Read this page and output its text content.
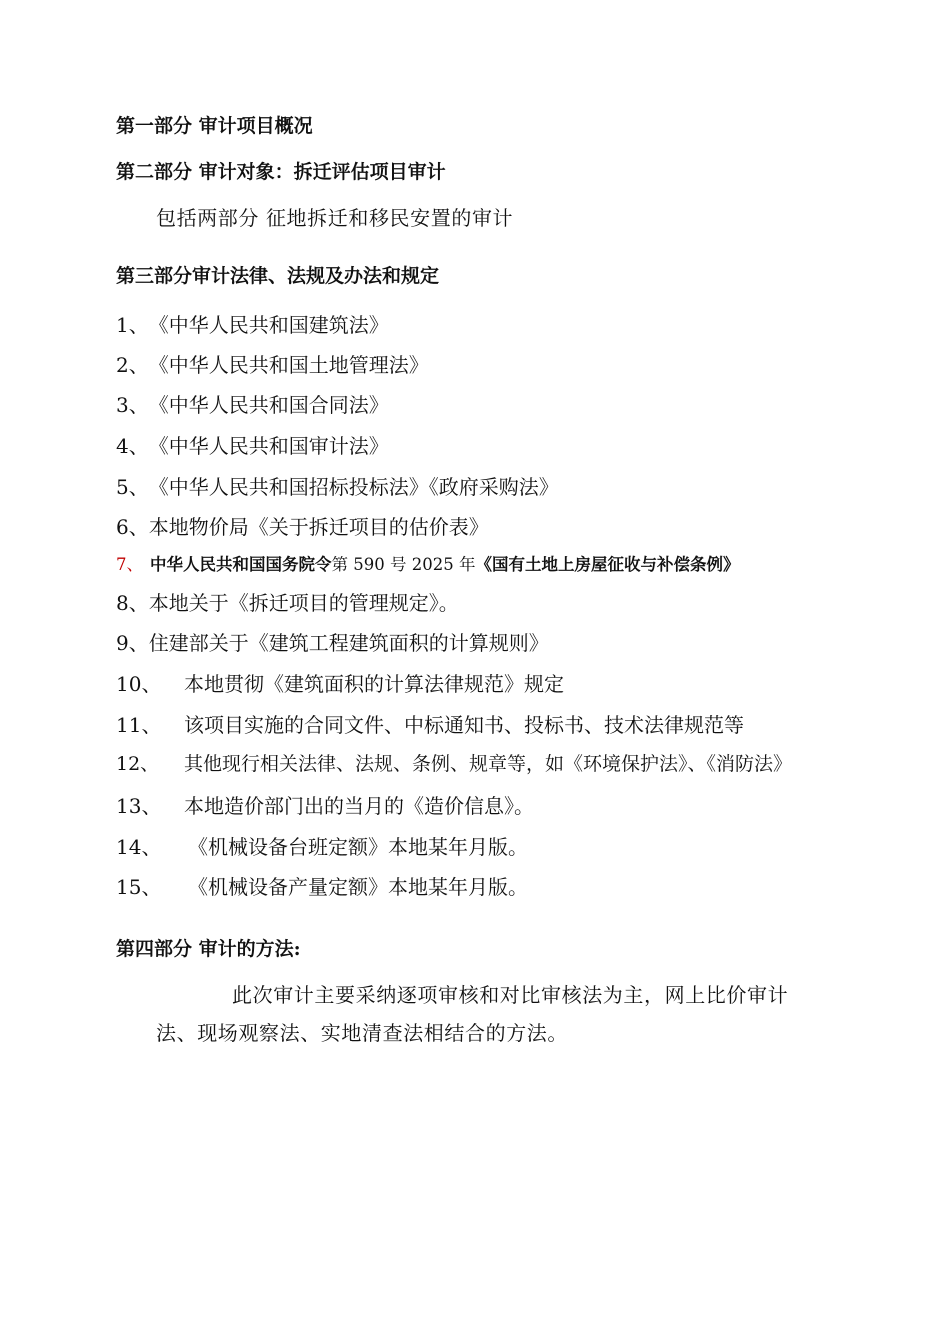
第一部分 审计项目概况
第二部分 审计对象：拆迁评估项目审计
包括两部分 征地拆迁和移民安置的审计
第三部分审计法律、法规及办法和规定
1、《中华人民共和国建筑法》
2、《中华人民共和国土地管理法》
3、《中华人民共和国合同法》
4、《中华人民共和国审计法》
5、《中华人民共和国招标投标法》《政府采购法》
6、本地物价局《关于拆迁项目的估价表》
7、 中华人民共和国国务院令第 590 号 2025 年《国有土地上房屋征收与补偿条例》
8、本地关于《拆迁项目的管理规定》。
9、住建部关于《建筑工程建筑面积的计算规则》
10、 本地贯彻《建筑面积的计算法律规范》规定
11、 该项目实施的合同文件、中标通知书、投标书、技术法律规范等
12、 其他现行相关法律、法规、条例、规章等，如《环境保护法》、《消防法》
13、 本地造价部门出的当月的《造价信息》。
14、 《机械设备台班定额》本地某年月版。
15、 《机械设备产量定额》本地某年月版。
第四部分 审计的方法:
此次审计主要采纳逐项审核和对比审核法为主，网上比价审计
法、现场观察法、实地清查法相结合的方法。
